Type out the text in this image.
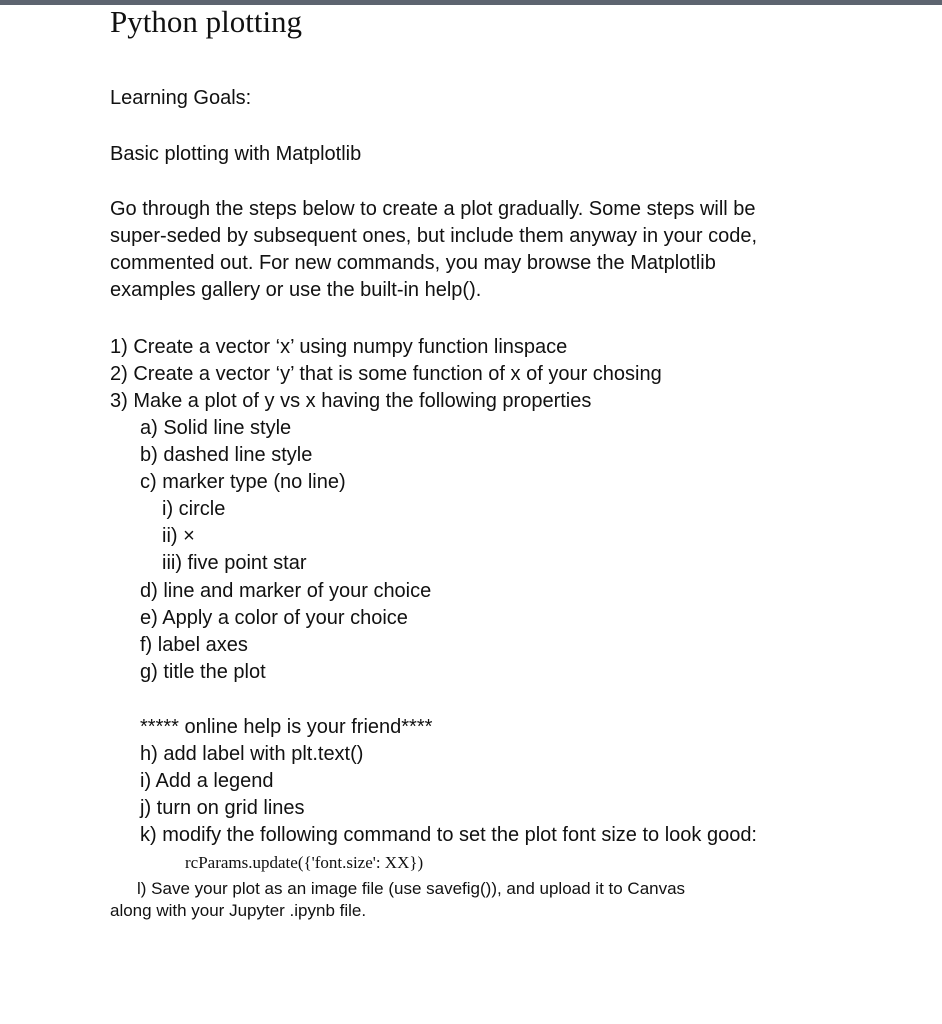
Python plotting
Learning Goals:
Basic plotting with Matplotlib
Go through the steps below to create a plot gradually. Some steps will be
super-seded by subsequent ones, but include them anyway in your code,
commented out. For new commands, you may browse the Matplotlib
examples gallery or use the built-in help().
1) Create a vector ‘x’ using numpy function linspace
2) Create a vector ‘y’ that is some function of x of your chosing
3) Make a plot of y vs x having the following properties
a) Solid line style
b) dashed line style
c) marker type (no line)
i) circle
ii) ×
iii) five point star
d) line and marker of your choice
e) Apply a color of your choice
f) label axes
g) title the plot
***** online help is your friend****
h) add label with plt.text()
i) Add a legend
j) turn on grid lines
k) modify the following command to set the plot font size to look good:
rcParams.update({'font.size': XX})
l) Save your plot as an image file (use savefig()), and upload it to Canvas
along with your Jupyter .ipynb file.
